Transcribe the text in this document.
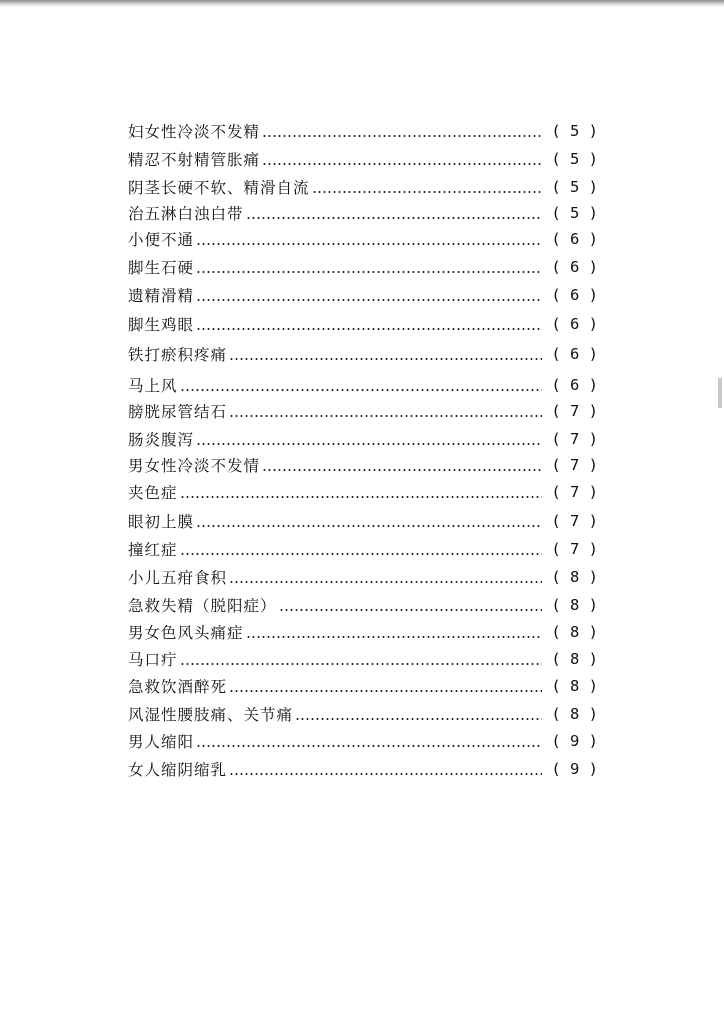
妇女性冷淡不发精	( 5 )
精忍不射精管胀痛	( 5 )
阴茎长硬不软、精滑自流	( 5 )
治五淋白浊白带	( 5 )
小便不通	( 6 )
脚生石硬	( 6 )
遗精滑精	( 6 )
脚生鸡眼	( 6 )
铁打瘀积疼痛	( 6 )
马上风	( 6 )
膀胱尿管结石	( 7 )
肠炎腹泻	( 7 )
男女性冷淡不发情	( 7 )
夹色症	( 7 )
眼初上膜	( 7 )
撞红症	( 7 )
小儿五疳食积	( 8 )
急救失精（脱阳症）	( 8 )
男女色风头痛症	( 8 )
马口疔	( 8 )
急救饮酒醉死	( 8 )
风湿性腰肢痛、关节痛	( 8 )
男人缩阳	( 9 )
女人缩阴缩乳	( 9 )
